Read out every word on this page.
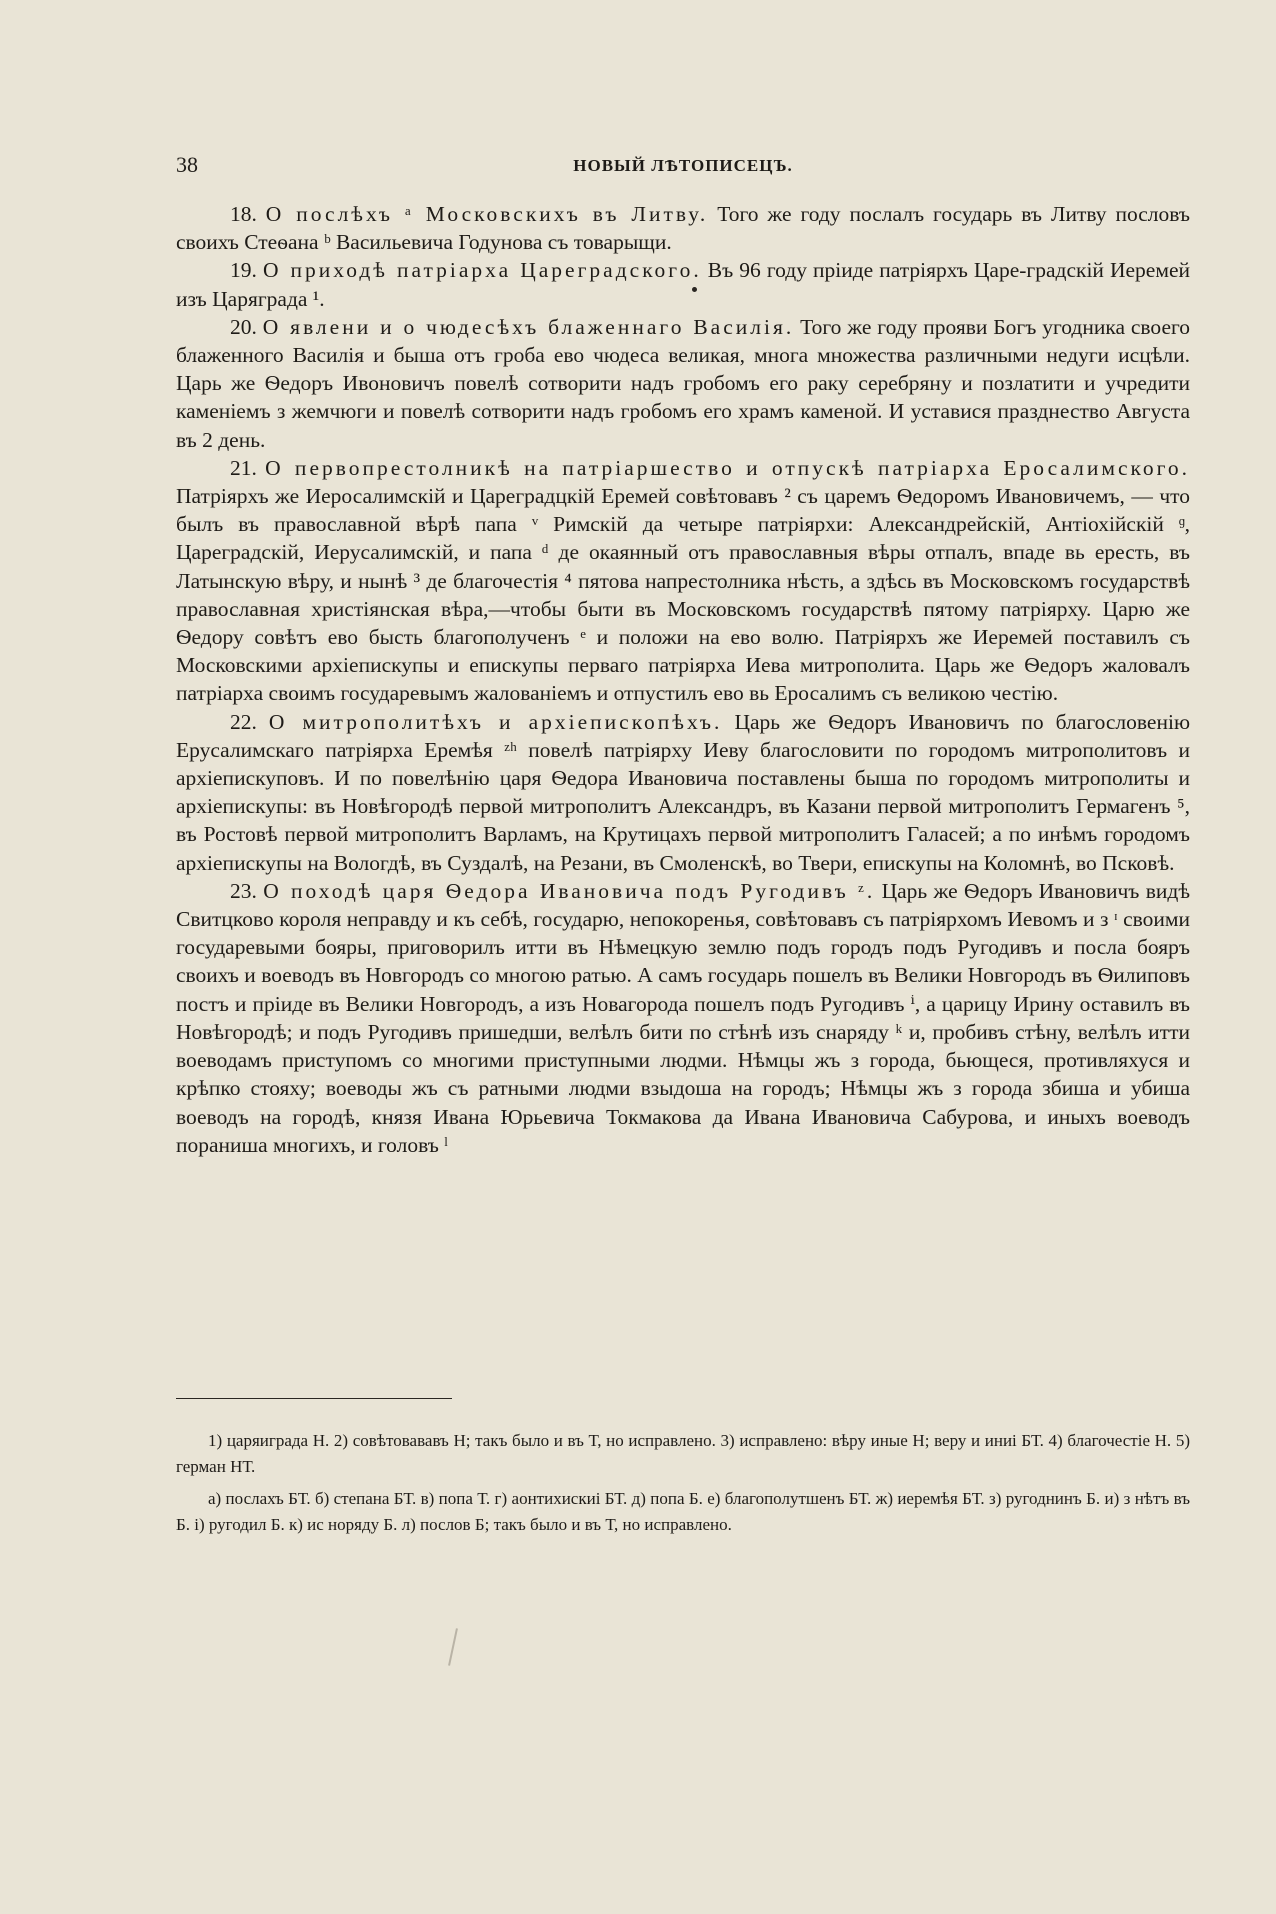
38	НОВЫЙ ЛѢТОПИСЕЦЪ.

18. О послѣхъ ᵃ Московскихъ въ Литву. Того же году послалъ государь въ Литву пословъ своихъ Стеѳана ᵇ Васильевича Годунова съ товарыщи.

19. О приходѣ патріарха Цареградского. Въ 96 году пріиде патріярхъ Царе-градскій Иеремей изъ Царяграда ¹.

20. О явлени и о чюдесѣхъ блаженнаго Василія. Того же году прояви Богъ угодника своего блаженного Василія и быша отъ гроба ево чюдеса великая, многа множества различными недуги исцѣли. Царь же Ѳедоръ Ивоновичъ повелѣ сотворити надъ гробомъ его раку серебряну и позлатити и учредити каменіемъ з жемчюги и повелѣ сотворити надъ гробомъ его храмъ каменой. И уставися празднество Августа въ 2 день.

21. О первопрестолникѣ на патріаршество и отпускѣ патріарха Еросалимского. Патріярхъ же Иеросалимскій и Цареградцкій Еремей совѣтовавъ ² съ царемъ Ѳедоромъ Ивановичемъ, — что былъ въ православной вѣрѣ папа ᵛ Римскій да четыре патріярхи: Александрейскій, Антіохійскій ᶢ, Цареградскій, Иерусалимскій, и папа ᵈ де окаянный отъ православныя вѣры отпалъ, впаде вь ересть, въ Латынскую вѣру, и нынѣ ³ де благочестія ⁴ пятова напрестолника нѣсть, а здѣсь въ Московскомъ государствѣ православная христіянская вѣра,—чтобы быти въ Московскомъ государствѣ пятому патріярху. Царю же Ѳедору совѣтъ ево бысть благополученъ ᵉ и положи на ево волю. Патріярхъ же Иеремей поставилъ съ Московскими архіепискупы и епискупы перваго патріярха Иева митрополита. Царь же Ѳедоръ жаловалъ патріарха своимъ государевымъ жалованіемъ и отпустилъ ево вь Еросалимъ съ великою честію.

22. О митрополитѣхъ и архіепископѣхъ. Царь же Ѳедоръ Ивановичъ по благословенію Ерусалимскаго патріярха Еремѣя ᶻʰ повелѣ патріярху Иеву благословити по городомъ митрополитовъ и архіепискуповъ. И по повелѣнію царя Ѳедора Ивановича поставлены быша по городомъ митрополиты и архіепискупы: въ Новѣгородѣ первой митрополитъ Александръ, въ Казани первой митрополитъ Гермагенъ ⁵, въ Ростовѣ первой митрополитъ Варламъ, на Крутицахъ первой митрополитъ Галасей; а по инѣмъ городомъ архіепискупы на Вологдѣ, въ Суздалѣ, на Резани, въ Смоленскѣ, во Твери, епискупы на Коломнѣ, во Псковѣ.

23. О походѣ царя Ѳедора Ивановича подъ Ругодивъ ᶻ. Царь же Ѳедоръ Ивановичъ видѣ Свитцково короля неправду и къ себѣ, государю, непокоренья, совѣтовавъ съ патріярхомъ Иевомъ и з ᶦ своими государевыми бояры, приговорилъ итти въ Нѣмецкую землю подъ городъ подъ Ругодивъ и посла бояръ своихъ и воеводъ въ Новгородъ со многою ратью. А самъ государь пошелъ въ Велики Новгородъ въ Ѳилиповъ постъ и пріиде въ Велики Новгородъ, а изъ Новагорода пошелъ подъ Ругодивъ ⁱ, а царицу Ирину оставилъ въ Новѣгородѣ; и подъ Ругодивъ пришедши, велѣлъ бити по стѣнѣ изъ снаряду ᵏ и, пробивъ стѣну, велѣлъ итти воеводамъ приступомъ со многими приступными людми. Нѣмцы жъ з города, бьющеся, противляхуся и крѣпко стояху; воеводы жъ съ ратными людми взыдоша на городъ; Нѣмцы жъ з города збиша и убиша воеводъ на городѣ, князя Ивана Юрьевича Токмакова да Ивана Ивановича Сабурова, и иныхъ воеводъ пораниша многихъ, и головъ ˡ

1) царяиграда Н. 2) совѣтовававъ Н; такъ было и въ Т, но исправлено. 3) исправлено: вѣру иные Н; веру и иниі БТ. 4) благочестіе Н. 5) герман НТ.

а) послахъ БТ. б) степана БТ. в) попа Т. г) аонтихискиі БТ. д) попа Б. е) благополутшенъ БТ. ж) иеремѣя БТ. з) ругоднинъ Б. и) з нѣтъ въ Б. і) ругодил Б. к) ис норяду Б. л) послов Б; такъ было и въ Т, но исправлено.
